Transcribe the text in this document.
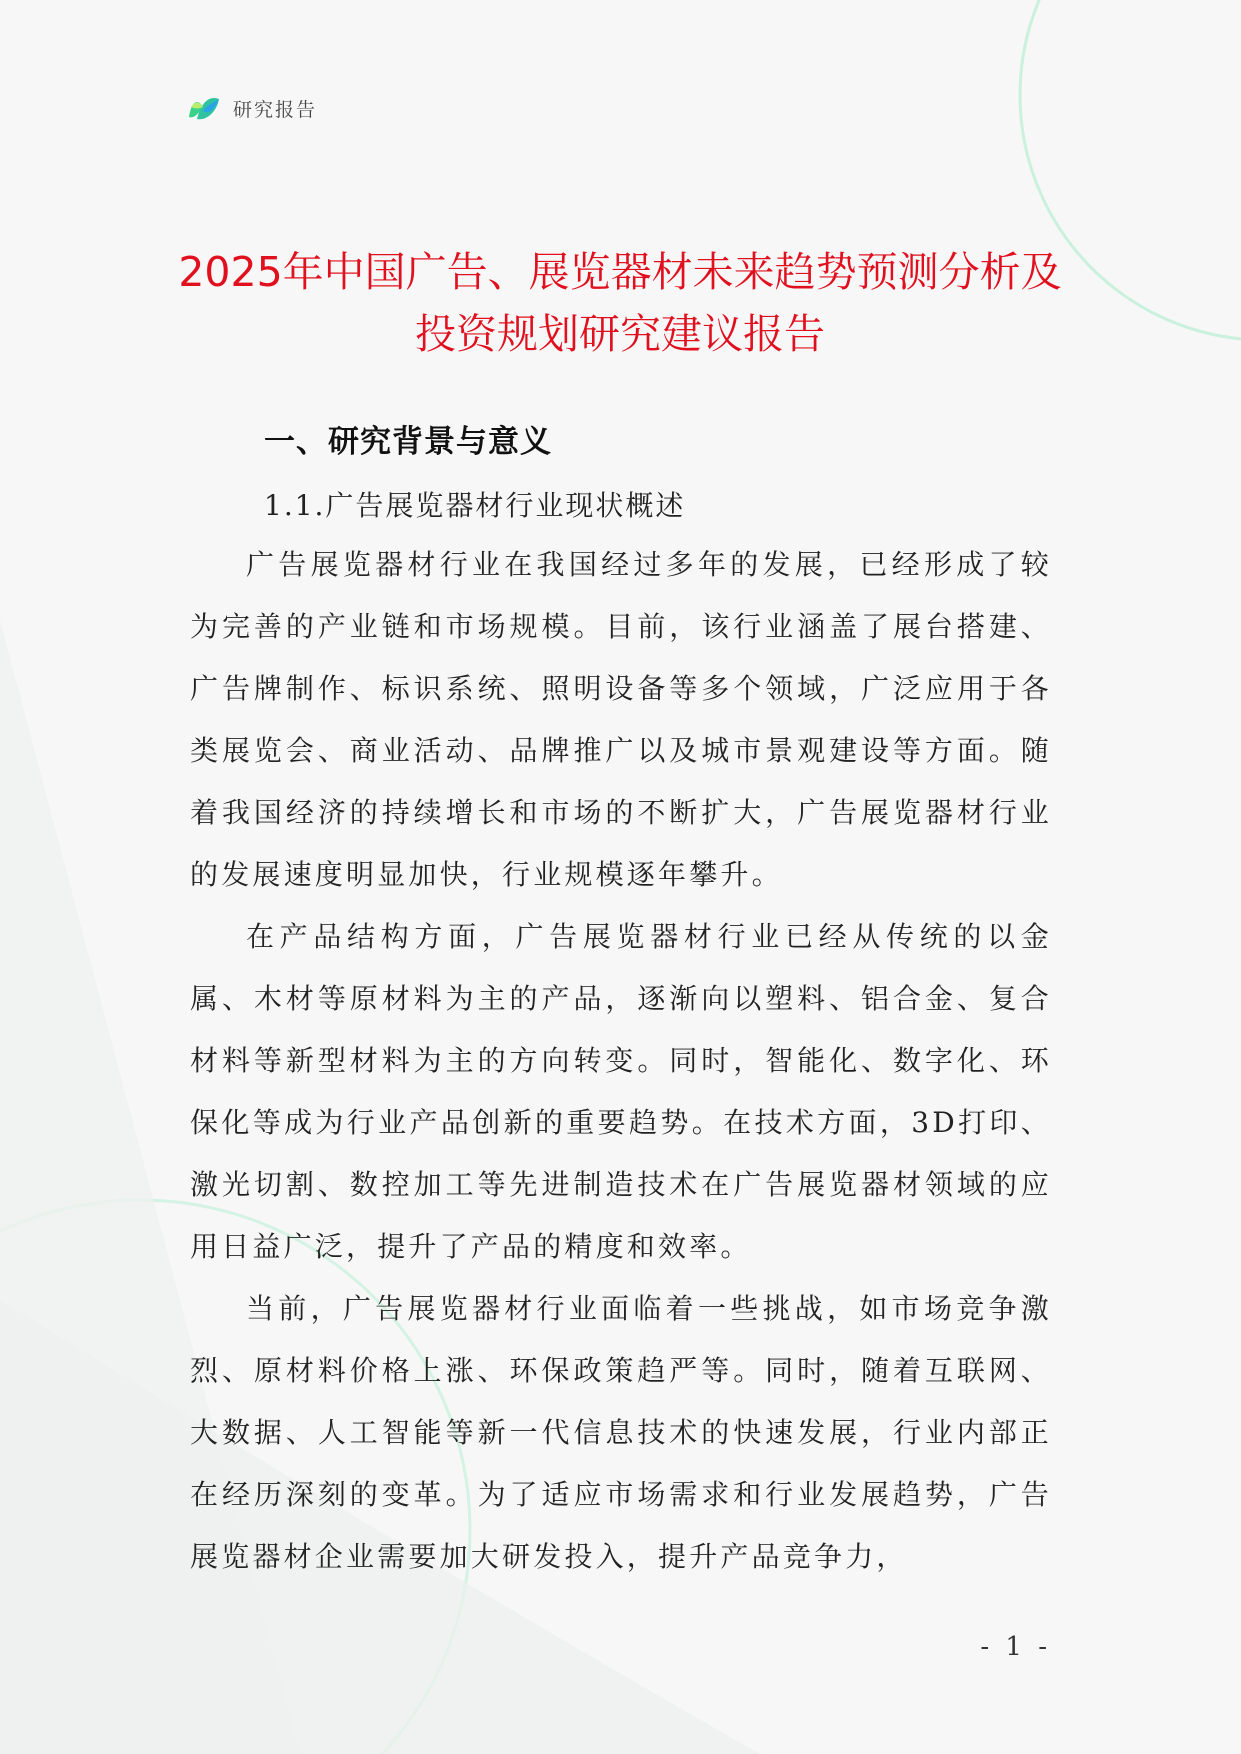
研究报告
2025年中国广告、展览器材未来趋势预测分析及投资规划研究建议报告
一、研究背景与意义
1.1.广告展览器材行业现状概述

广告展览器材行业在我国经过多年的发展，已经形成了较为完善的产业链和市场规模。目前，该行业涵盖了展台搭建、广告牌制作、标识系统、照明设备等多个领域，广泛应用于各类展览会、商业活动、品牌推广以及城市景观建设等方面。随着我国经济的持续增长和市场的不断扩大，广告展览器材行业的发展速度明显加快，行业规模逐年攀升。

在产品结构方面，广告展览器材行业已经从传统的以金属、木材等原材料为主的产品，逐渐向以塑料、铝合金、复合材料等新型材料为主的方向转变。同时，智能化、数字化、环保化等成为行业产品创新的重要趋势。在技术方面，3D打印、激光切割、数控加工等先进制造技术在广告展览器材领域的应用日益广泛，提升了产品的精度和效率。

当前，广告展览器材行业面临着一些挑战，如市场竞争激烈、原材料价格上涨、环保政策趋严等。同时，随着互联网、大数据、人工智能等新一代信息技术的快速发展，行业内部正在经历深刻的变革。为了适应市场需求和行业发展趋势，广告展览器材企业需要加大研发投入，提升产品竞争力，

- 1 -
